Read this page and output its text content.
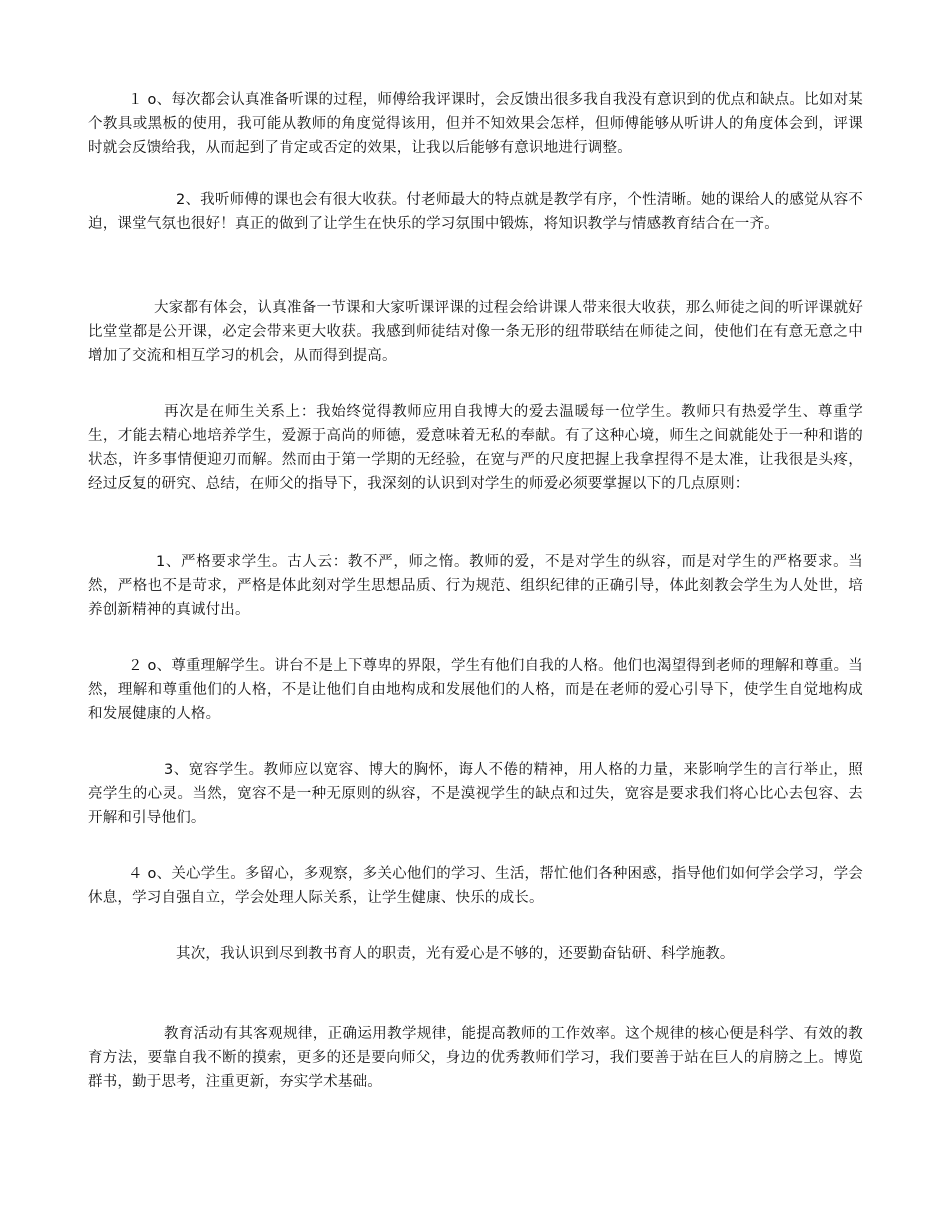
１ o、每次都会认真准备听课的过程，师傅给我评课时，会反馈出很多我自我没有意识到的优点和缺点。比如对某个教具或黑板的使用，我可能从教师的角度觉得该用，但并不知效果会怎样，但师傅能够从听讲人的角度体会到，评课时就会反馈给我，从而起到了肯定或否定的效果，让我以后能够有意识地进行调整。

2、我听师傅的课也会有很大收获。付老师最大的特点就是教学有序，个性清晰。她的课给人的感觉从容不迫，课堂气氛也很好！真正的做到了让学生在快乐的学习氛围中锻炼，将知识教学与情感教育结合在一齐。

大家都有体会，认真准备一节课和大家听课评课的过程会给讲课人带来很大收获，那么师徒之间的听评课就好比堂堂都是公开课，必定会带来更大收获。我感到师徒结对像一条无形的纽带联结在师徒之间，使他们在有意无意之中增加了交流和相互学习的机会，从而得到提高。

再次是在师生关系上：我始终觉得教师应用自我博大的爱去温暖每一位学生。教师只有热爱学生、尊重学生，才能去精心地培养学生，爱源于高尚的师德，爱意味着无私的奉献。有了这种心境，师生之间就能处于一种和谐的状态，许多事情便迎刃而解。然而由于第一学期的无经验，在宽与严的尺度把握上我拿捏得不是太准，让我很是头疼，经过反复的研究、总结，在师父的指导下，我深刻的认识到对学生的师爱必须要掌握以下的几点原则：

1、严格要求学生。古人云：教不严，师之惰。教师的爱，不是对学生的纵容，而是对学生的严格要求。当然，严格也不是苛求，严格是体此刻对学生思想品质、行为规范、组织纪律的正确引导，体此刻教会学生为人处世，培养创新精神的真诚付出。

２ o、尊重理解学生。讲台不是上下尊卑的界限，学生有他们自我的人格。他们也渴望得到老师的理解和尊重。当然，理解和尊重他们的人格，不是让他们自由地构成和发展他们的人格，而是在老师的爱心引导下，使学生自觉地构成和发展健康的人格。

3、宽容学生。教师应以宽容、博大的胸怀，诲人不倦的精神，用人格的力量，来影响学生的言行举止，照亮学生的心灵。当然，宽容不是一种无原则的纵容，不是漠视学生的缺点和过失，宽容是要求我们将心比心去包容、去开解和引导他们。

４ o、关心学生。多留心，多观察，多关心他们的学习、生活，帮忙他们各种困惑，指导他们如何学会学习，学会休息，学习自强自立，学会处理人际关系，让学生健康、快乐的成长。

其次，我认识到尽到教书育人的职责，光有爱心是不够的，还要勤奋钻研、科学施教。

教育活动有其客观规律，正确运用教学规律，能提高教师的工作效率。这个规律的核心便是科学、有效的教育方法，要靠自我不断的摸索，更多的还是要向师父，身边的优秀教师们学习，我们要善于站在巨人的肩膀之上。博览群书，勤于思考，注重更新，夯实学术基础。
